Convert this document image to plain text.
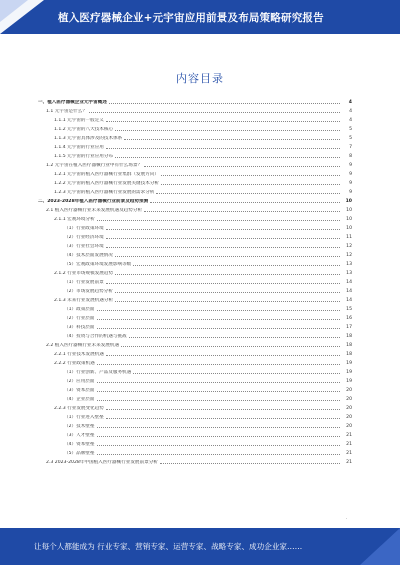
植入医疗器械企业+元宇宙应用前景及布局策略研究报告
内容目录
一、植入医疗器械企业元宇宙概述	4
1.1 元宇宙是什么？	4
1.1.1 元宇宙的一般定义	4
1.1.2 元宇宙的八大技术核心	5
1.1.3 元宇宙具体涉及的技术体系	5
1.1.4 元宇宙的行业应用	7
1.1.5 元宇宙的行业应用分布	8
1.2 元宇宙在植入医疗器械行业中有什么场景？	9
1.2.1 元宇宙的植入医疗器械行业集群（发展方向）	9
1.2.2 元宇宙的植入医疗器械行业发展关键技术分析	9
1.2.3 元宇宙的植入医疗器械行业发展的需求分析	9
二、2023-2028年植入医疗器械行业前景及趋势预测	10
2.1 植入医疗器械行业未来发展机遇及趋势分析	10
2.1.1 宏观环境分析	10
（1）行业政策环境	10
（2）行业经济环境	11
（3）行业社会环境	12
（4）技术层面发展情况	12
（5）宏观政策环境发展影响等级	13
2.1.2 行业市场规模发展趋势	13
（1）行业发展前景	14
（2）市场发展趋势分析	14
2.1.3 未来行业发展机遇分析	14
（1）政策层面	15
（2）行业层面	16
（3）科技层面	17
（4）投资与合作的机遇与挑战	18
2.2 植入医疗器械行业未来发展机遇	18
2.2.1 行业技术发展机遇	18
2.2.2 行业政策机遇	19
（1）行业创新、产品及服务机遇	19
（2）应用层面	19
（3）资本层面	20
（4）企业层面	20
2.2.3 行业发展变化趋势	20
（1）行业进入壁垒	20
（2）技术壁垒	20
（3）人才壁垒	21
（4）资本壁垒	21
（5）品牌壁垒	21
2.3 2023-2028年中国植入医疗器械行业发展前景分析	21
·
让每个人都能成为 行业专家、营销专家、运营专家、战略专家、成功企业家……
